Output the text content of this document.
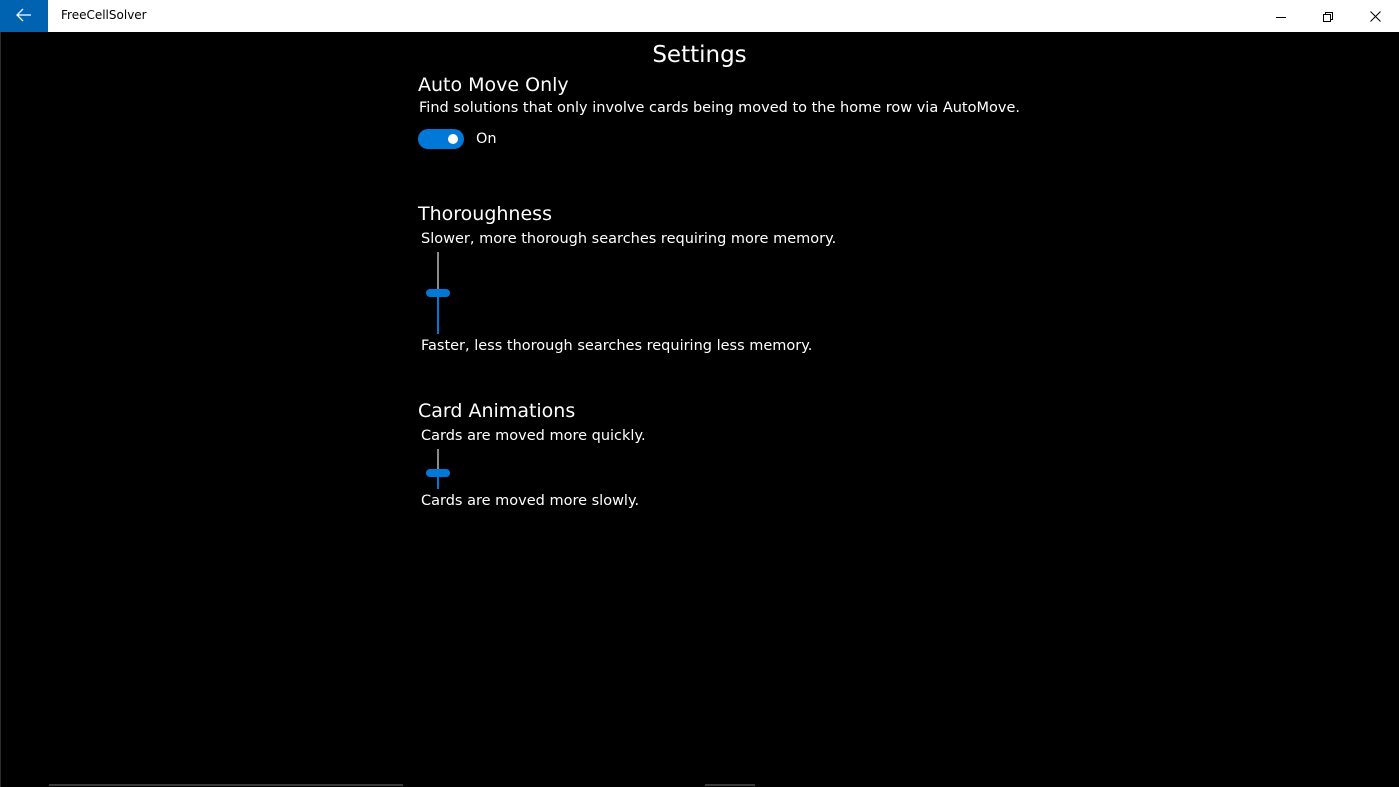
FreeCellSolver
Settings
Auto Move Only
Find solutions that only involve cards being moved to the home row via AutoMove.
On
Thoroughness
Slower, more thorough searches requiring more memory.
Faster, less thorough searches requiring less memory.
Card Animations
Cards are moved more quickly.
Cards are moved more slowly.
